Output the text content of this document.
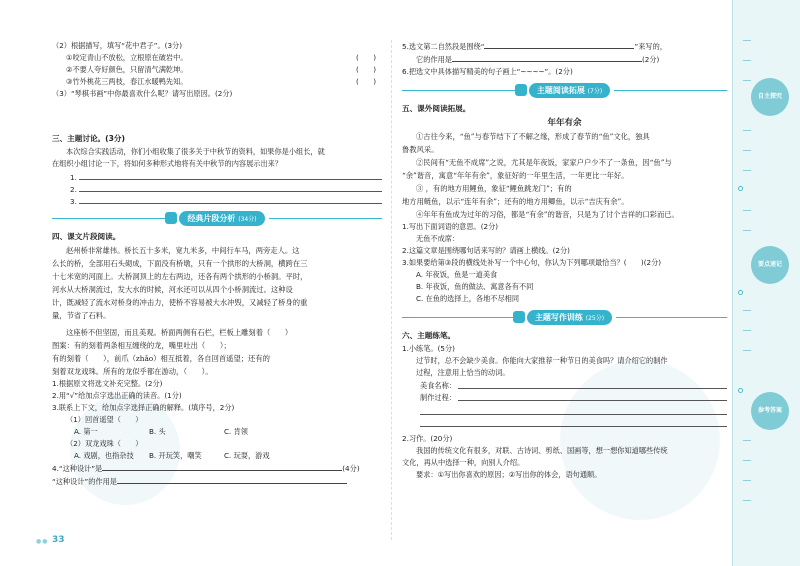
（2）根据描写，填写“花中君子”。(3分)
①咬定青山不放松，立根原在破岩中。	(　　)
②不要人夸好颜色，只留清气满乾坤。	(　　)
③竹外桃花三两枝，春江水暖鸭先知。	(　　)
（3）“琴棋书画”中你最喜欢什么呢？请写出原因。(2分)
三、主题讨论。(3分)
本次综合实践活动，你们小组收集了很多关于中秋节的资料，如果你是小组长，就
在组织小组讨论一下，将如何多种形式地将有关中秋节的内容展示出来？
1.
2.
3.
经典片段分析 (34分)
四、课文片段阅读。
赵州桥非常雄伟。桥长五十多米，宽九米多，中间行车马，两旁走人。这
么长的桥，全部用石头砌成，下面没有桥墩，只有一个拱形的大桥洞，横跨在三
十七米宽的河面上。大桥洞顶上的左右两边，还各有两个拱形的小桥洞。平时，
河水从大桥洞流过，发大水的时候，河水还可以从四个小桥洞流过。这种设
计，既减轻了流水对桥身的冲击力，使桥不容易被大水冲毁，又减轻了桥身的重
量，节省了石料。
这座桥不但坚固，而且美观。桥面两侧有石栏，栏板上雕刻着（　　）
图案：有的刻着两条相互缠绕的龙，嘴里吐出（　　）；
有的刻着（　　），前爪（zhǎo）相互抵着，各自回首遥望；还有的
刻着双龙戏珠。所有的龙似乎都在游动，（　　）。
1.根据原文将选文补充完整。(2分)
2.用“√”给加点字选出正确的读音。(1分)
3.联系上下文，给加点字选择正确的解释。(填序号，2分)
（1）回首遥望（　　）
A. 第一	B. 头	C. 肯领
（2）双龙戏珠（　　）
A. 戏剧，也指杂技	B. 开玩笑，嘲笑	C. 玩耍，游戏
4.“这种设计”是	(4分)
“这种设计”的作用是
5.选文第二自然段是围绕“	”来写的，
它的作用是	(2分)
6.把选文中具体描写精美的句子画上“~~~~”。(2分)
主题阅读拓展 (7分)
五、课外阅读拓展。
年年有余
①古往今来，“鱼”与春节结下了不解之缘，形成了春节的“鱼”文化，独具
鲁教风采。
②民间有“无鱼不成席”之说，尤其是年夜饭，家家户户少不了一条鱼，因“鱼”与
“余”谐音，寓意“年年有余”，象征好的一年里生活，一年更比一年好。
③ ，有的地方用鲤鱼，象征“鲤鱼跳龙门”；有的
地方用鲢鱼，以示“连年有余”；还有的地方用鲫鱼，以示“吉庆有余”。
④年年有鱼成为过年的习俗，都是“有余”的谐音，只是为了讨个吉祥的口彩而已。
1.写出下面词语的意思。(2分)
无鱼不成席：
2.这篇文章是围绕哪句话来写的？请画上横线。(2分)
3.如果要给第③段的横线处补写一个中心句，你认为下列哪项最恰当？(　　)(2分)
A. 年夜饭，鱼是一道美食
B. 年夜饭，鱼的做法、寓意各有不同
C. 在鱼的选择上，各地不尽相同
主题写作训练 (25分)
六、主题练笔。
1.小练笔。(5分)
过节时，总不会缺少美食。你能向大家推荐一种节日的美食吗？请介绍它的制作
过程，注意用上恰当的动词。
美食名称：
制作过程：
2.习作。(20分)
我国的传统文化有很多，对联、古诗词、剪纸、国画等，想一想你知道哪些传统
文化，再从中选择一种，向别人介绍。
要求：①写出你喜欢的原因；②写出你的体会，语句通顺。
自主探究
要点速记
参考答案
●● 33
